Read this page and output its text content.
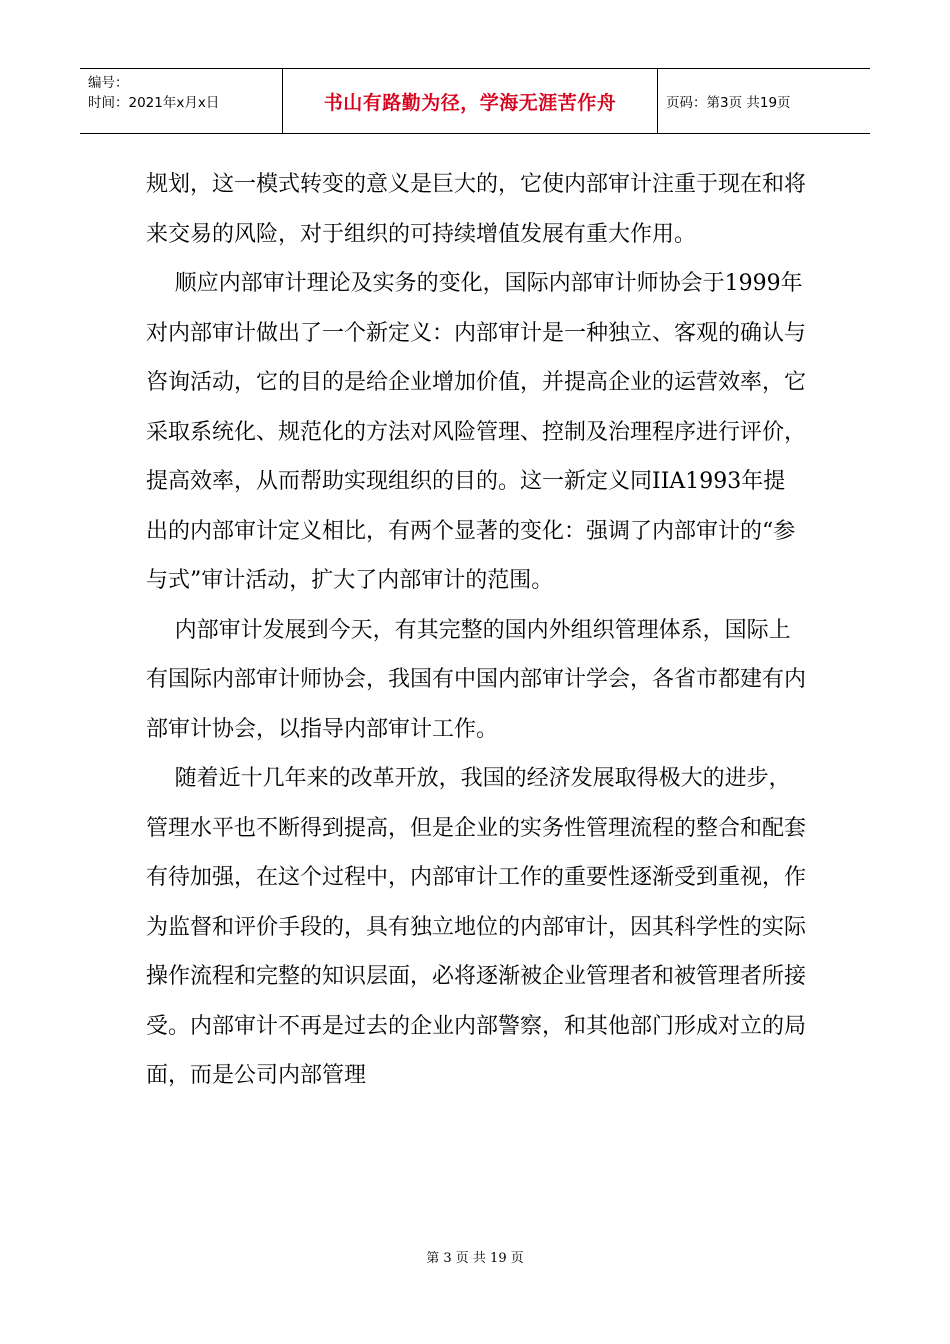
编号：
时间：2021年x月x日	书山有路勤为径，学海无涯苦作舟	页码：第3页 共19页

规划，这一模式转变的意义是巨大的，它使内部审计注重于现在和将来交易的风险，对于组织的可持续增值发展有重大作用。

顺应内部审计理论及实务的变化，国际内部审计师协会于1999年对内部审计做出了一个新定义：内部审计是一种独立、客观的确认与咨询活动，它的目的是给企业增加价值，并提高企业的运营效率，它采取系统化、规范化的方法对风险管理、控制及治理程序进行评价，提高效率，从而帮助实现组织的目的。这一新定义同IIA1993年提出的内部审计定义相比，有两个显著的变化：强调了内部审计的“参与式”审计活动，扩大了内部审计的范围。

内部审计发展到今天，有其完整的国内外组织管理体系，国际上有国际内部审计师协会，我国有中国内部审计学会，各省市都建有内部审计协会，以指导内部审计工作。

随着近十几年来的改革开放，我国的经济发展取得极大的进步，管理水平也不断得到提高，但是企业的实务性管理流程的整合和配套有待加强，在这个过程中，内部审计工作的重要性逐渐受到重视，作为监督和评价手段的，具有独立地位的内部审计，因其科学性的实际操作流程和完整的知识层面，必将逐渐被企业管理者和被管理者所接受。内部审计不再是过去的企业内部警察，和其他部门形成对立的局面，而是公司内部管理

第 3 页 共 19 页
